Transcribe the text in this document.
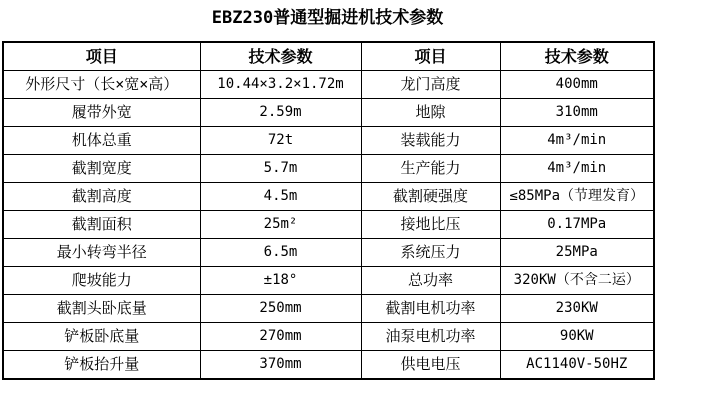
EBZ230普通型掘进机技术参数
项目	技术参数	项目	技术参数
外形尺寸（长×宽×高）	10.44×3.2×1.72m	龙门高度	400mm
履带外宽	2.59m	地隙	310mm
机体总重	72t	装载能力	4m³/min
截割宽度	5.7m	生产能力	4m³/min
截割高度	4.5m	截割硬强度	≤85MPa（节理发育）
截割面积	25m²	接地比压	0.17MPa
最小转弯半径	6.5m	系统压力	25MPa
爬坡能力	±18°	总功率	320KW（不含二运）
截割头卧底量	250mm	截割电机功率	230KW
铲板卧底量	270mm	油泵电机功率	90KW
铲板抬升量	370mm	供电电压	AC1140V-50HZ
